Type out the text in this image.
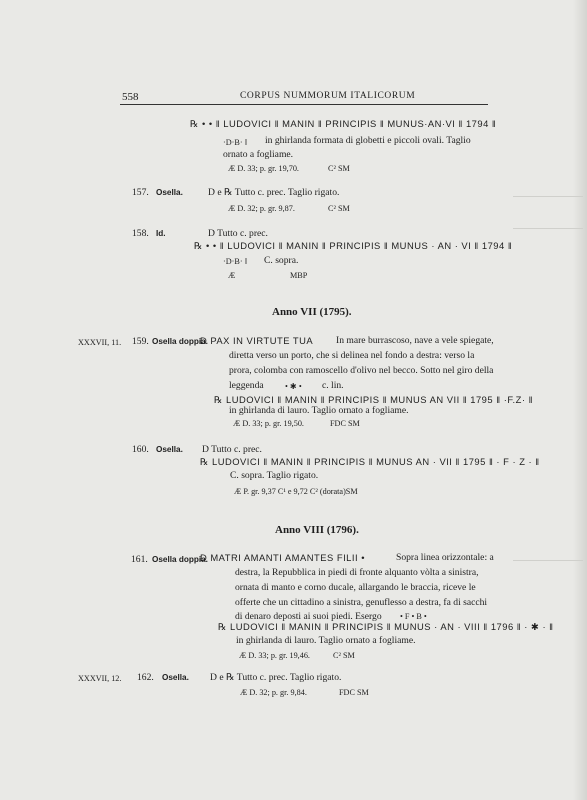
558	CORPUS NUMMORUM ITALICORUM
℞ • • ‖ LUDOVICI ‖ MANIN ‖ PRINCIPIS ‖ MUNUS·AN·VI ‖ 1794 ‖
·D·B· ‖ in ghirlanda formata di globetti e piccoli ovali. Taglio
ornato a fogliame.
Æ D. 33; p. gr. 19,70.	C² SM
157. Osella.	D e ℞ Tutto c. prec. Taglio rigato.
Æ D. 32; p. gr. 9,87.	C² SM
158. Id.	D Tutto c. prec.
℞ • • ‖ LUDOVICI ‖ MANIN ‖ PRINCIPIS ‖ MUNUS · AN · VI ‖ 1794 ‖
·D·B· ‖ C. sopra.
Æ	MBP
Anno VII (1795).
XXXVII, 11. 159. Osella doppia.
D PAX IN VIRTUTE TUA In mare burrascoso, nave a vele spiegate,
diretta verso un porto, che si delinea nel fondo a destra: verso la
prora, colomba con ramoscello d'olivo nel becco. Sotto nel giro della
leggenda	• ✱ • c. lin.
℞ LUDOVICI ‖ MANIN ‖ PRINCIPIS ‖ MUNUS AN VII ‖ 1795 ‖ ·F.Z· ‖
in ghirlanda di lauro. Taglio ornato a fogliame.
Æ D. 33; p. gr. 19,50.	FDC SM
160. Osella. D Tutto c. prec.
℞ LUDOVICI ‖ MANIN ‖ PRINCIPIS ‖ MUNUS AN · VII ‖ 1795 ‖ · F · Z · ‖
C. sopra. Taglio rigato.
Æ P. gr. 9,37 C¹ e 9,72 C² (dorata)SM
Anno VIII (1796).
161. Osella doppia.
D MATRI AMANTI AMANTES FILII •	Sopra linea orizzontale: a
destra, la Repubblica in piedi di fronte alquanto vòlta a sinistra,
ornata di manto e corno ducale, allargando le braccia, riceve le
offerte che un cittadino a sinistra, genuflesso a destra, fa di sacchi
di denaro deposti ai suoi piedi. Esergo • F • B •
℞ LUDOVICI ‖ MANIN ‖ PRINCIPIS ‖ MUNUS · AN · VIII ‖ 1796 ‖ · ✱ · ‖
in ghirlanda di lauro. Taglio ornato a fogliame.
Æ D. 33; p. gr. 19,46.	C² SM
XXXVII, 12. 162. Osella. D e ℞ Tutto c. prec. Taglio rigato.
Æ D. 32; p. gr. 9,84.	FDC SM
